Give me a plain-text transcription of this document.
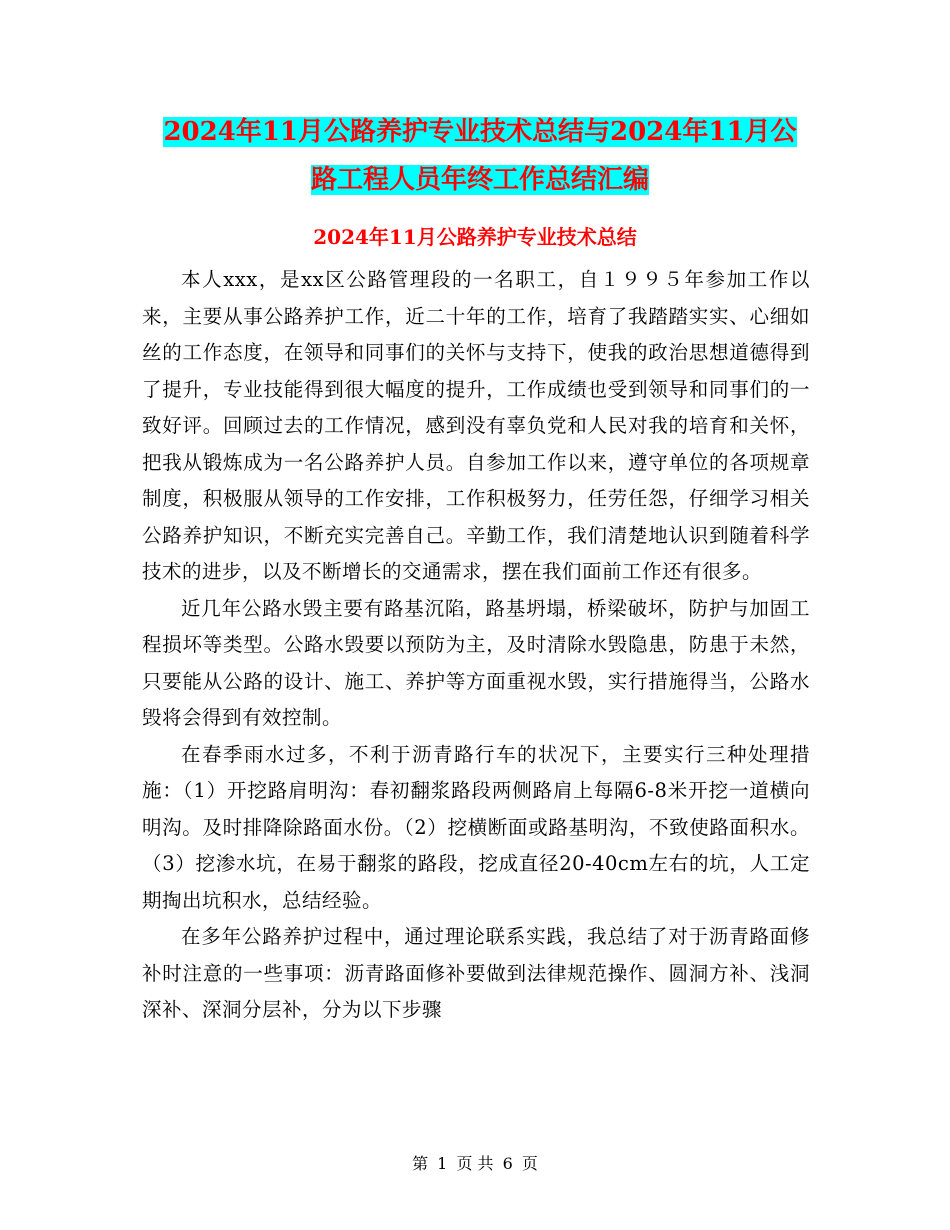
2024年11月公路养护专业技术总结与2024年11月公
路工程人员年终工作总结汇编
2024年11月公路养护专业技术总结

本人xxx，是xx区公路管理段的一名职工，自１９９５年参加工作以来，主要从事公路养护工作，近二十年的工作，培育了我踏踏实实、心细如丝的工作态度，在领导和同事们的关怀与支持下，使我的政治思想道德得到了提升，专业技能得到很大幅度的提升，工作成绩也受到领导和同事们的一致好评。回顾过去的工作情况，感到没有辜负党和人民对我的培育和关怀，把我从锻炼成为一名公路养护人员。自参加工作以来，遵守单位的各项规章制度，积极服从领导的工作安排，工作积极努力，任劳任怨，仔细学习相关公路养护知识，不断充实完善自己。辛勤工作，我们清楚地认识到随着科学技术的进步，以及不断增长的交通需求，摆在我们面前工作还有很多。

近几年公路水毁主要有路基沉陷，路基坍塌，桥梁破坏，防护与加固工程损坏等类型。公路水毁要以预防为主，及时清除水毁隐患，防患于未然，只要能从公路的设计、施工、养护等方面重视水毁，实行措施得当，公路水毁将会得到有效控制。

在春季雨水过多，不利于沥青路行车的状况下，主要实行三种处理措施：（1）开挖路肩明沟：春初翻浆路段两侧路肩上每隔6-8米开挖一道横向明沟。及时排降除路面水份。（2）挖横断面或路基明沟，不致使路面积水。（3）挖渗水坑，在易于翻浆的路段，挖成直径20-40cm左右的坑，人工定期掏出坑积水，总结经验。

在多年公路养护过程中，通过理论联系实践，我总结了对于沥青路面修补时注意的一些事项：沥青路面修补要做到法律规范操作、圆洞方补、浅洞深补、深洞分层补，分为以下步骤

第 1 页 共 6 页
